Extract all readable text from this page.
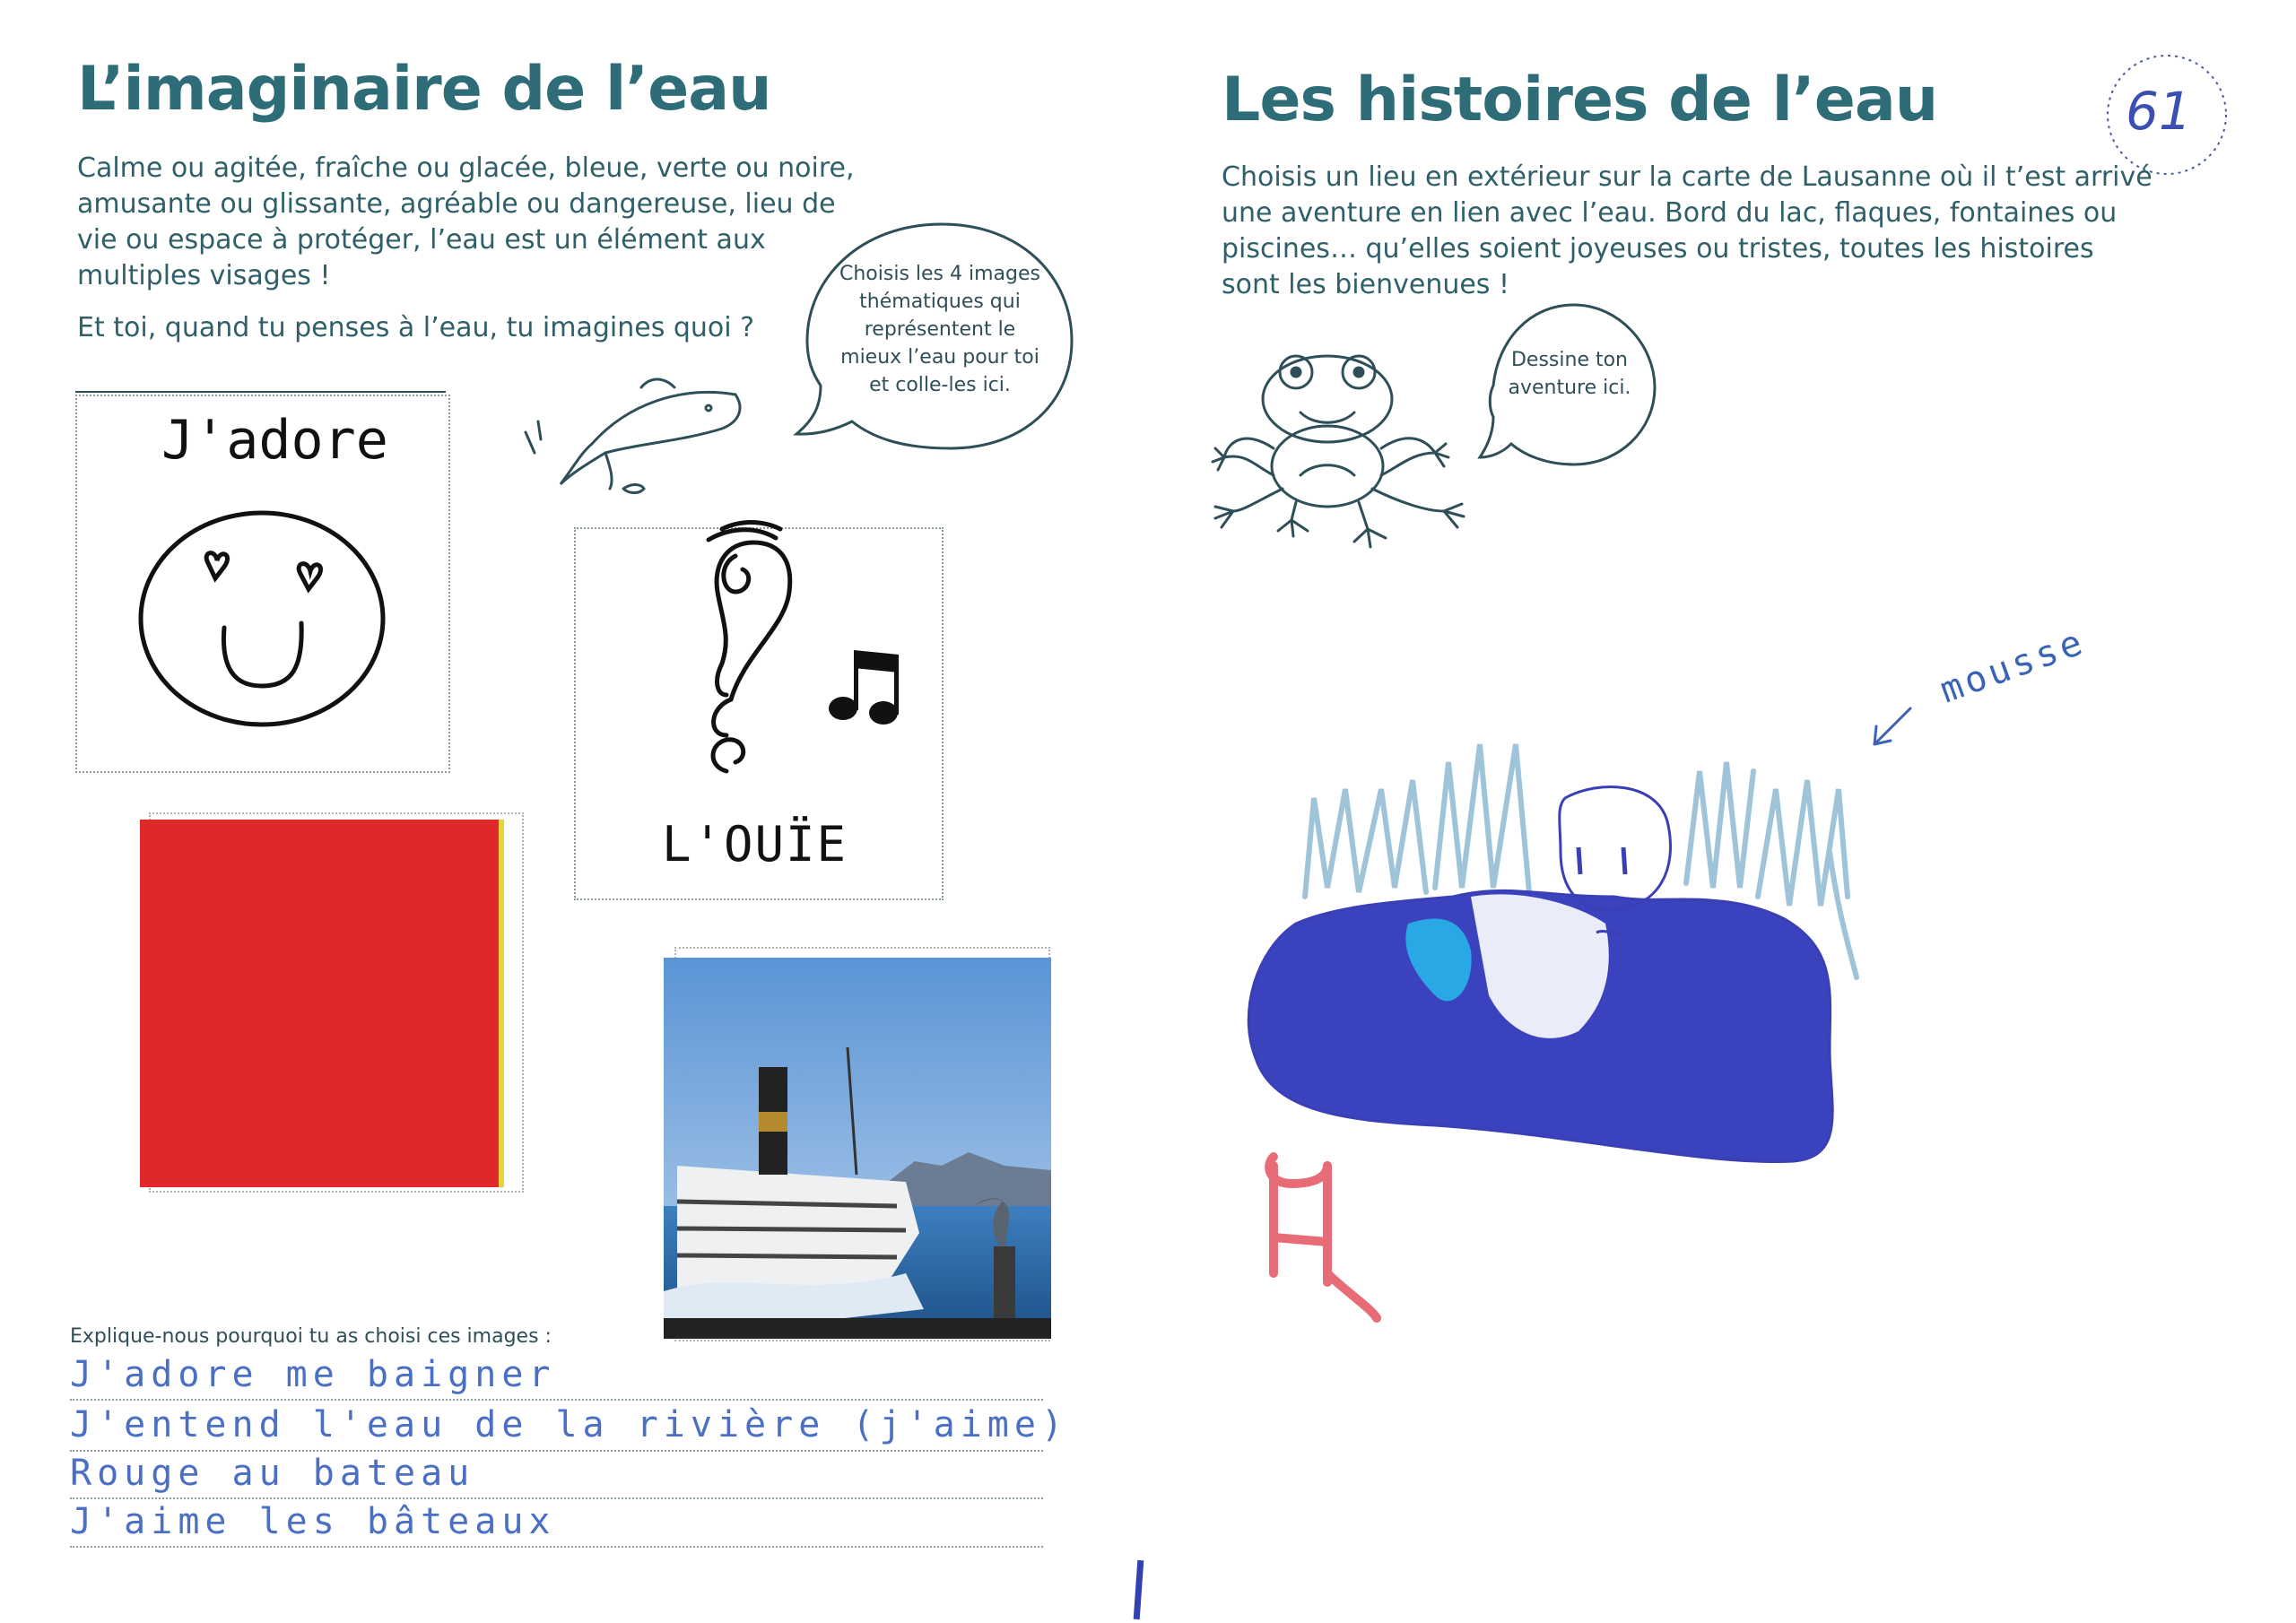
L’imaginaire de l’eau
Calme ou agitée, fraîche ou glacée, bleue, verte ou noire, amusante ou glissante, agréable ou dangereuse, lieu de vie ou espace à protéger, l’eau est un élément aux multiples visages !
Et toi, quand tu penses à l’eau, tu imagines quoi ?
Choisis les 4 images thématiques qui représentent le mieux l’eau pour toi et colle-les ici.
J'adore
L'OUÏE
Explique-nous pourquoi tu as choisi ces images :
J'adore me baigner
J'entend l'eau de la rivière (j'aime)
Rouge au bateau
J'aime les bâteaux
Les histoires de l’eau	61
Choisis un lieu en extérieur sur la carte de Lausanne où il t’est arrivé une aventure en lien avec l’eau. Bord du lac, flaques, fontaines ou piscines… qu’elles soient joyeuses ou tristes, toutes les histoires sont les bienvenues !
Dessine ton aventure ici.
mousse
